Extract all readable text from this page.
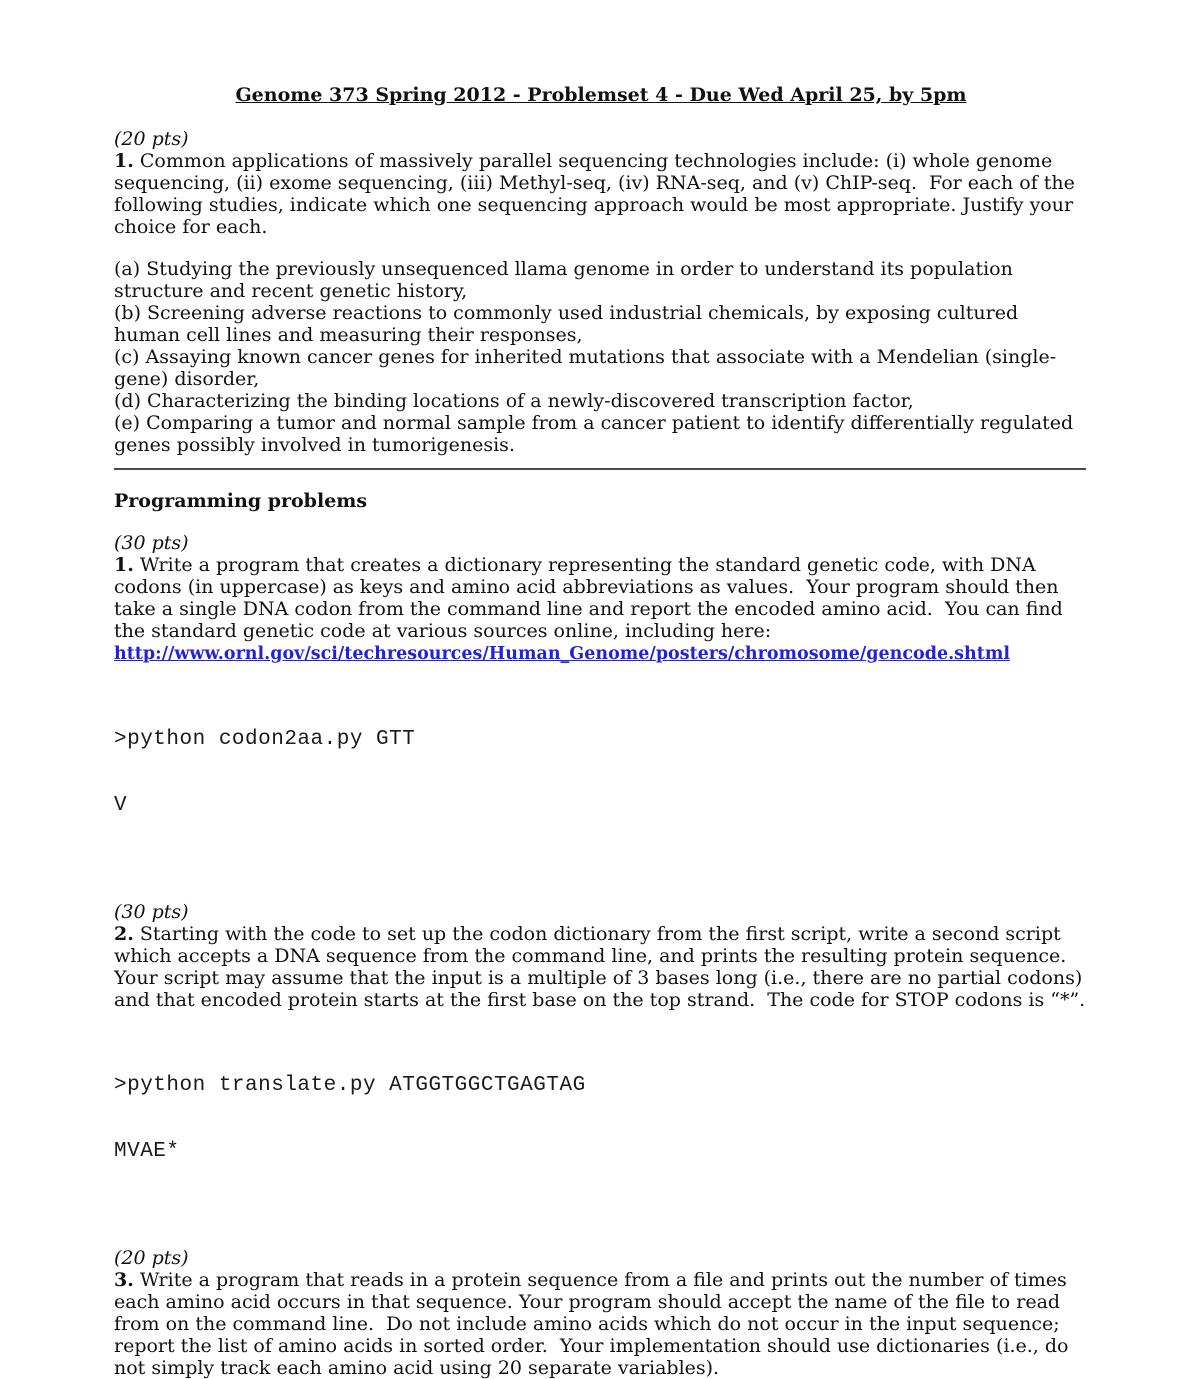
Genome 373 Spring 2012 - Problemset 4 - Due Wed April 25, by 5pm

(20 pts)

1. Common applications of massively parallel sequencing technologies include: (i) whole genome sequencing, (ii) exome sequencing, (iii) Methyl-seq, (iv) RNA-seq, and (v) ChIP-seq.  For each of the following studies, indicate which one sequencing approach would be most appropriate. Justify your choice for each.

(a) Studying the previously unsequenced llama genome in order to understand its population structure and recent genetic history,

(b) Screening adverse reactions to commonly used industrial chemicals, by exposing cultured human cell lines and measuring their responses,

(c) Assaying known cancer genes for inherited mutations that associate with a Mendelian (single-gene) disorder,

(d) Characterizing the binding locations of a newly-discovered transcription factor,

(e) Comparing a tumor and normal sample from a cancer patient to identify differentially regulated genes possibly involved in tumorigenesis.

Programming problems

(30 pts)

1. Write a program that creates a dictionary representing the standard genetic code, with DNA codons (in uppercase) as keys and amino acid abbreviations as values.  Your program should then take a single DNA codon from the command line and report the encoded amino acid.  You can find the standard genetic code at various sources online, including here:

http://www.ornl.gov/sci/techresources/Human_Genome/posters/chromosome/gencode.shtml

>python codon2aa.py GTT

V

(30 pts)

2. Starting with the code to set up the codon dictionary from the first script, write a second script which accepts a DNA sequence from the command line, and prints the resulting protein sequence.  Your script may assume that the input is a multiple of 3 bases long (i.e., there are no partial codons) and that encoded protein starts at the first base on the top strand.  The code for STOP codons is “*”.

>python translate.py ATGGTGGCTGAGTAG

MVAE*

(20 pts)

3. Write a program that reads in a protein sequence from a file and prints out the number of times each amino acid occurs in that sequence. Your program should accept the name of the file to read from on the command line.  Do not include amino acids which do not occur in the input sequence; report the list of amino acids in sorted order.  Your implementation should use dictionaries (i.e., do not simply track each amino acid using 20 separate variables).
